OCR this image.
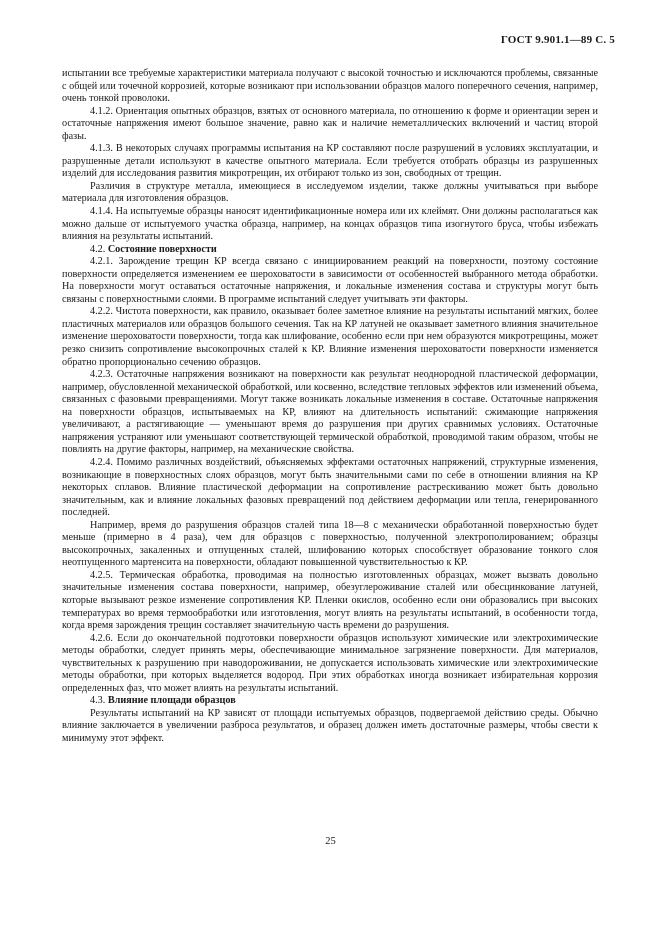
ГОСТ 9.901.1—89 С. 5

испытании все требуемые характеристики материала получают с высокой точностью и исключаются проблемы, связанные с общей или точечной коррозией, которые возникают при использовании образцов малого поперечного сечения, например, очень тонкой проволоки.

4.1.2. Ориентация опытных образцов, взятых от основного материала, по отношению к форме и ориентации зерен и остаточные напряжения имеют большое значение, равно как и наличие неметаллических включений и частиц второй фазы.

4.1.3. В некоторых случаях программы испытания на КР составляют после разрушений в условиях эксплуатации, и разрушенные детали используют в качестве опытного материала. Если требуется отобрать образцы из разрушенных изделий для исследования развития микротрещин, их отбирают только из зон, свободных от трещин.

Различия в структуре металла, имеющиеся в исследуемом изделии, также должны учитываться при выборе материала для изготовления образцов.

4.1.4. На испытуемые образцы наносят идентификационные номера или их клеймят. Они должны располагаться как можно дальше от испытуемого участка образца, например, на концах образцов типа изогнутого бруса, чтобы избежать влияния на результаты испытаний.

4.2. Состояние поверхности

4.2.1. Зарождение трещин КР всегда связано с инициированием реакций на поверхности, поэтому состояние поверхности определяется изменением ее шероховатости в зависимости от особенностей выбранного метода обработки. На поверхности могут оставаться остаточные напряжения, и локальные изменения состава и структуры могут быть связаны с поверхностными слоями. В программе испытаний следует учитывать эти факторы.

4.2.2. Чистота поверхности, как правило, оказывает более заметное влияние на результаты испытаний мягких, более пластичных материалов или образцов большого сечения. Так на КР латуней не оказывает заметного влияния значительное изменение шероховатости поверхности, тогда как шлифование, особенно если при нем образуются микротрещины, может резко снизить сопротивление высокопрочных сталей к КР. Влияние изменения шероховатости поверхности изменяется обратно пропорционально сечению образцов.

4.2.3. Остаточные напряжения возникают на поверхности как результат неоднородной пластической деформации, например, обусловленной механической обработкой, или косвенно, вследствие тепловых эффектов или изменений объема, связанных с фазовыми превращениями. Могут также возникать локальные изменения в составе. Остаточные напряжения на поверхности образцов, испытываемых на КР, влияют на длительность испытаний: сжимающие напряжения увеличивают, а растягивающие — уменьшают время до разрушения при других сравнимых условиях. Остаточные напряжения устраняют или уменьшают соответствующей термической обработкой, проводимой таким образом, чтобы не повлиять на другие факторы, например, на механические свойства.

4.2.4. Помимо различных воздействий, объясняемых эффектами остаточных напряжений, структурные изменения, возникающие в поверхностных слоях образцов, могут быть значительными сами по себе в отношении влияния на КР некоторых сплавов. Влияние пластической деформации на сопротивление растрескиванию может быть довольно значительным, как и влияние локальных фазовых превращений под действием деформации или тепла, генерированного последней.

Например, время до разрушения образцов сталей типа 18—8 с механически обработанной поверхностью будет меньше (примерно в 4 раза), чем для образцов с поверхностью, полученной электрополированием; образцы высокопрочных, закаленных и отпущенных сталей, шлифованию которых способствует образование тонкого слоя неотпущенного мартенсита на поверхности, обладают повышенной чувствительностью к КР.

4.2.5. Термическая обработка, проводимая на полностью изготовленных образцах, может вызвать довольно значительные изменения состава поверхности, например, обезуглероживание сталей или обесцинкование латуней, которые вызывают резкое изменение сопротивления КР. Пленки окислов, особенно если они образовались при высоких температурах во время термообработки или изготовления, могут влиять на результаты испытаний, в особенности тогда, когда время зарождения трещин составляет значительную часть времени до разрушения.

4.2.6. Если до окончательной подготовки поверхности образцов используют химические или электрохимические методы обработки, следует принять меры, обеспечивающие минимальное загрязнение поверхности. Для материалов, чувствительных к разрушению при наводороживании, не допускается использовать химические или электрохимические методы обработки, при которых выделяется водород. При этих обработках иногда возникает избирательная коррозия определенных фаз, что может влиять на результаты испытаний.

4.3. Влияние площади образцов

Результаты испытаний на КР зависят от площади испытуемых образцов, подвергаемой действию среды. Обычно влияние заключается в увеличении разброса результатов, и образец должен иметь достаточные размеры, чтобы свести к минимуму этот эффект.

25
